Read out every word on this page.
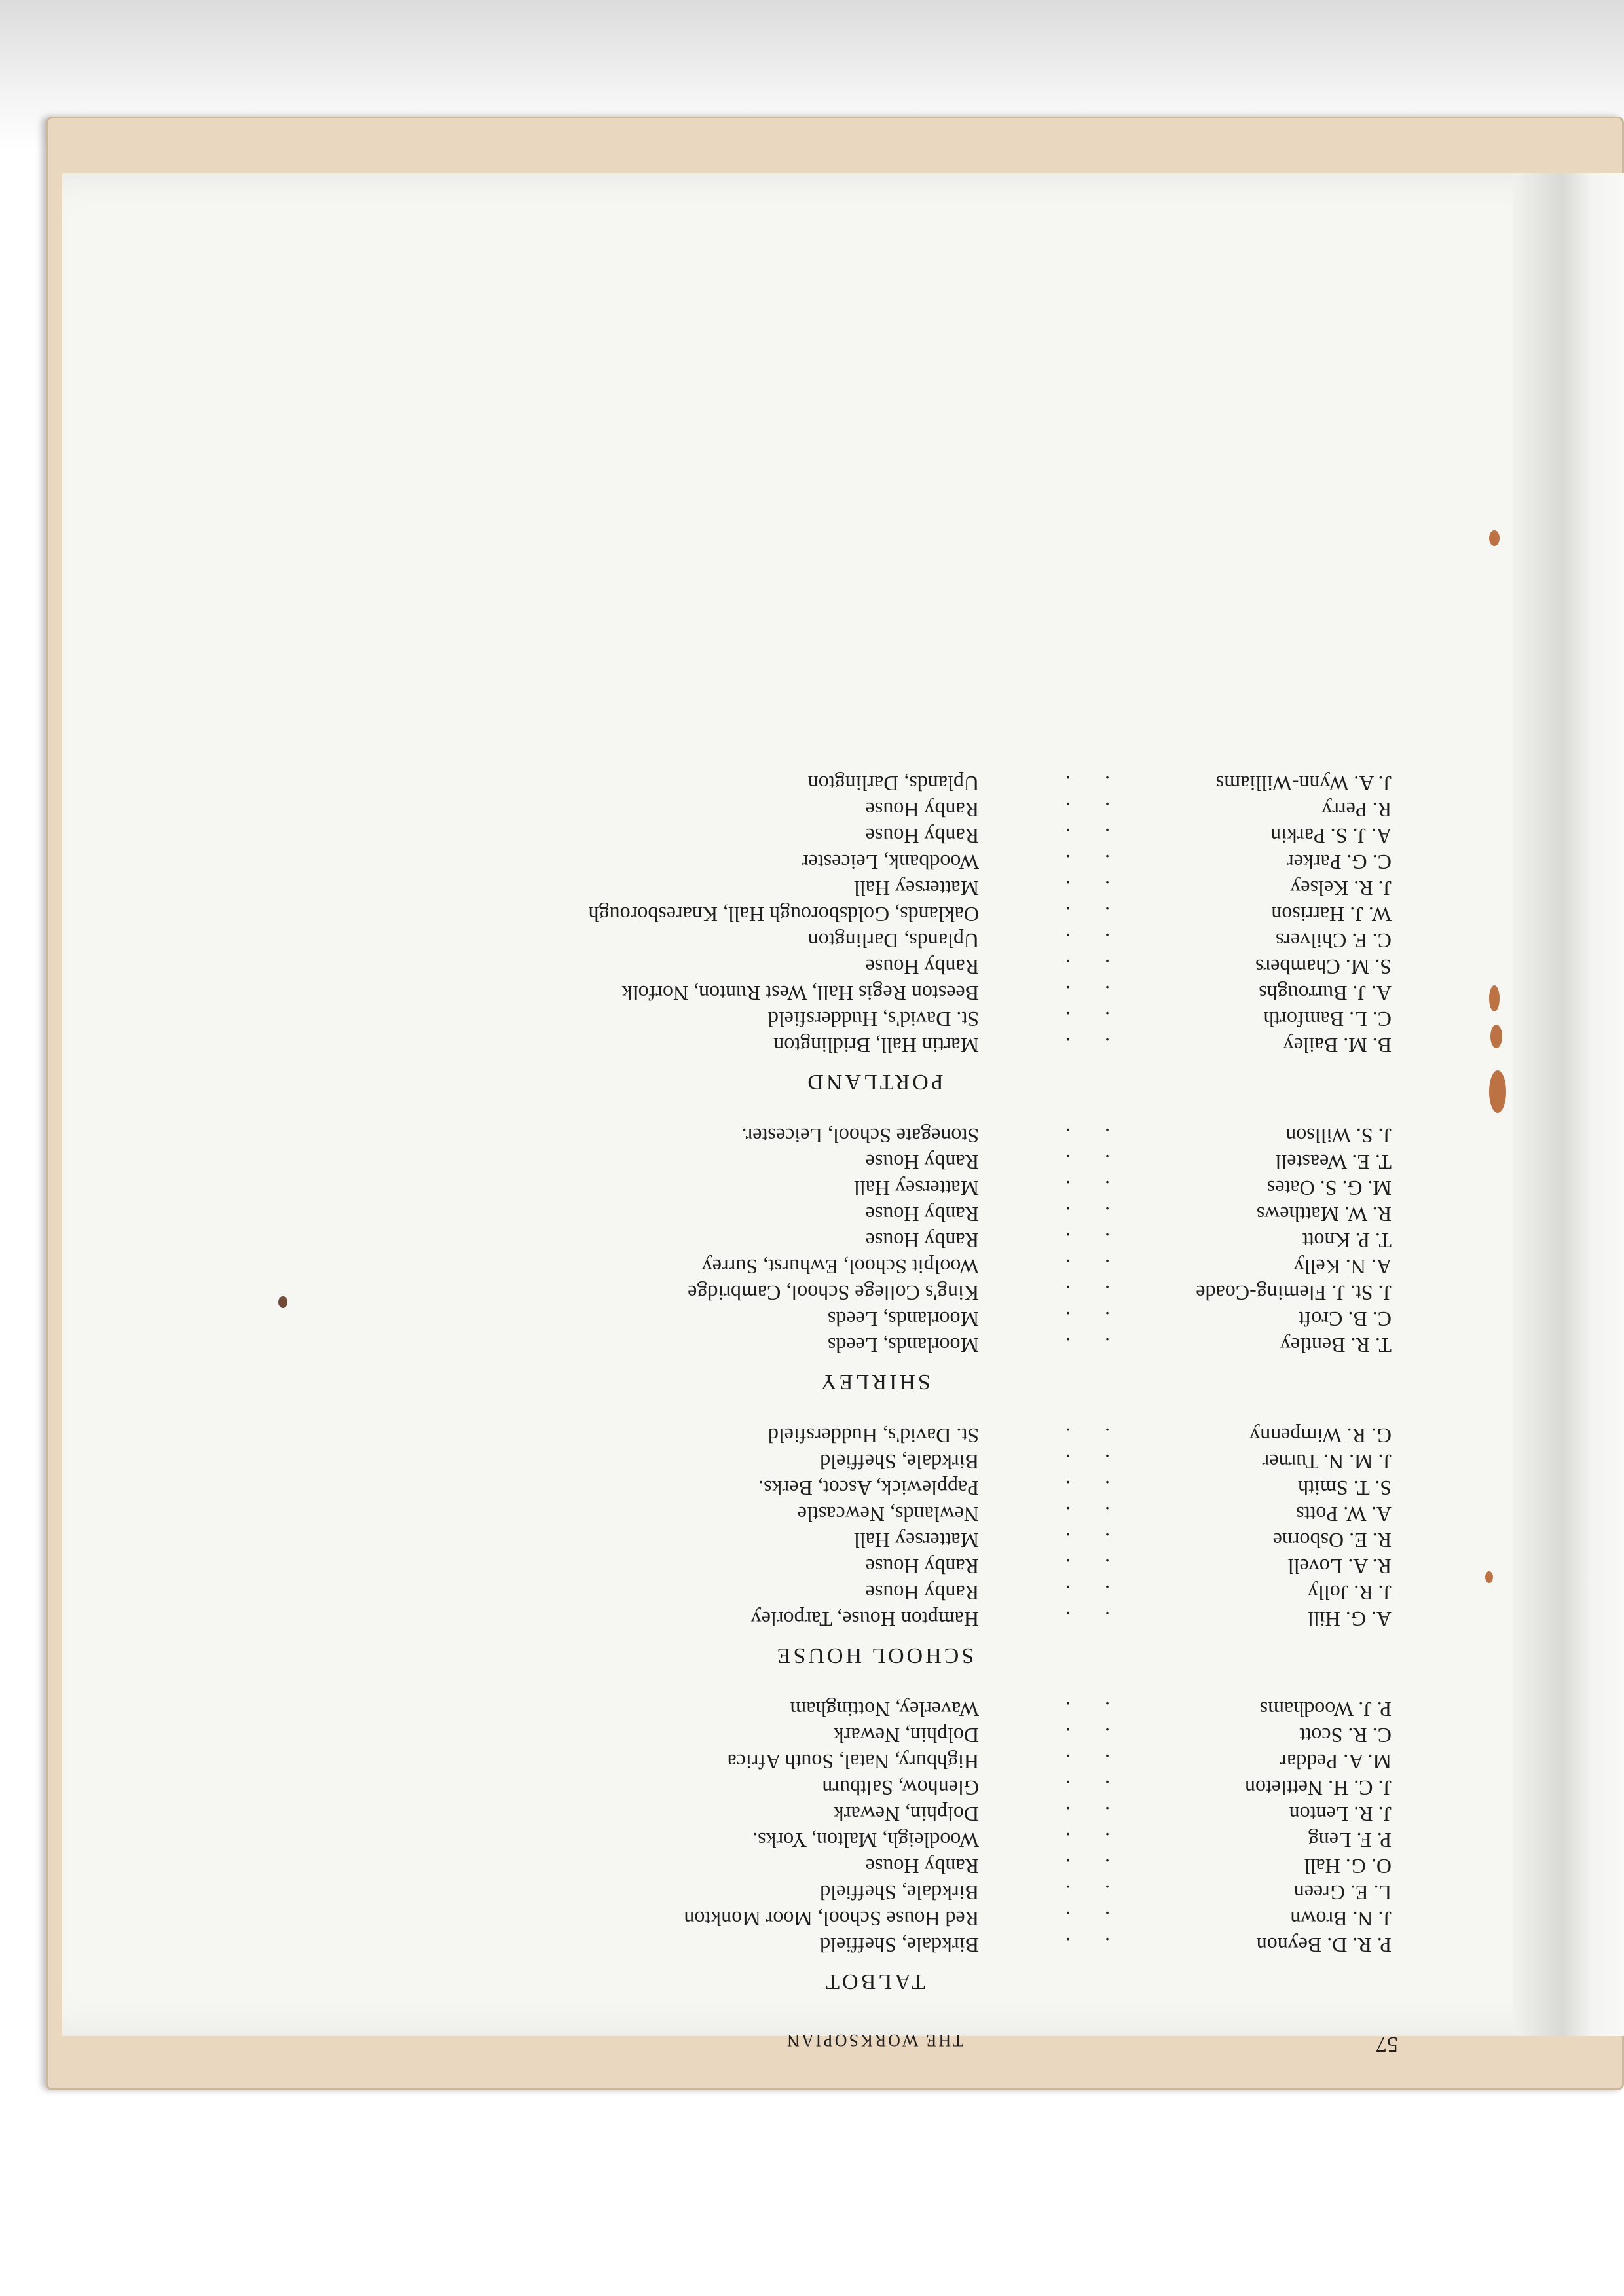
57
THE WORKSOPIAN
TALBOT
P. R. D. Beynon
. .
Birkdale, Sheffield
J. N. Brown
. .
Red House School, Moor Monkton
L. E. Green
. .
Birkdale, Sheffield
O. G. Hall
. .
Ranby House
P. F. Leng
. .
Woodleigh, Malton, Yorks.
J. R. Lenton
. .
Dolphin, Newark
J. C. H. Nettleton
. .
Glenhow, Saltburn
M. A. Peddar
. .
Highbury, Natal, South Africa
C. R. Scott
. .
Dolphin, Newark
P. J. Woodhams
. .
Waverley, Nottingham
SCHOOL HOUSE
A. G. Hill
. .
Hampton House, Tarporley
J. R. Jolly
. .
Ranby House
R. A. Lovell
. .
Ranby House
R. E. Osborne
. .
Mattersey Hall
A. W. Potts
. .
Newlands, Newcastle
S. T. Smith
. .
Papplewick, Ascot, Berks.
J. M. N. Turner
. .
Birkdale, Sheffield
G. R. Wimpenny
. .
St. David's, Huddersfield
SHIRLEY
T. R. Bentley
. .
Moorlands, Leeds
C. B. Croft
. .
Moorlands, Leeds
J. St. J. Fleming-Coade
. .
King's College School, Cambridge
A. N. Kelly
. .
Woolpit School, Ewhurst, Surrey
T. P. Knott
. .
Ranby House
R. W. Matthews
. .
Ranby House
M. G. S. Oates
. .
Mattersey Hall
T. E. Weastell
. .
Ranby House
J. S. Willson
. .
Stonegate School, Leicester.
PORTLAND
B. M. Bailey
. .
Martin Hall, Bridlington
C. L. Bamforth
. .
St. David's, Huddersfield
A. J. Burroughs
. .
Beeston Regis Hall, West Runton, Norfolk
S. M. Chambers
. .
Ranby House
C. F. Chilvers
. .
Uplands, Darlington
W. J. Harrison
. .
Oaklands, Goldsborough Hall, Knaresborough
J. R. Kelsey
. .
Mattersey Hall
C. G. Parker
. .
Woodbank, Leicester
A. J. S. Parkin
. .
Ranby House
R. Perry
. .
Ranby House
J. A. Wynn-Williams
. .
Uplands, Darlington
